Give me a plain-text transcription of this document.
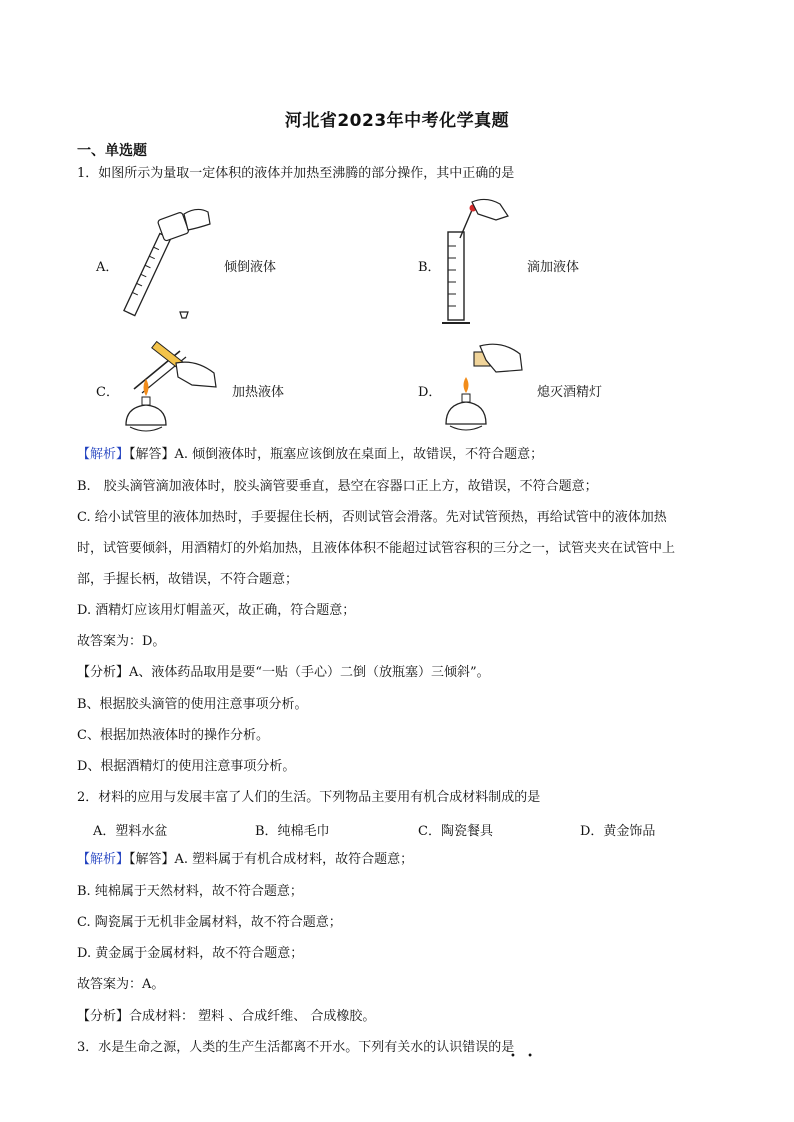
河北省2023年中考化学真题
一、单选题
1．如图所示为量取一定体积的液体并加热至沸腾的部分操作，其中正确的是
A．	倾倒液体	B．	滴加液体
C．	加热液体	D．	熄灭酒精灯
【解析】【解答】A. 倾倒液体时，瓶塞应该倒放在桌面上，故错误，不符合题意；
B.　胶头滴管滴加液体时，胶头滴管要垂直，悬空在容器口正上方，故错误，不符合题意；
C. 给小试管里的液体加热时，手要握住长柄，否则试管会滑落。先对试管预热，再给试管中的液体加热
时，试管要倾斜，用酒精灯的外焰加热，且液体体积不能超过试管容积的三分之一，试管夹夹在试管中上
部，手握长柄，故错误，不符合题意；
D. 酒精灯应该用灯帽盖灭，故正确，符合题意；
故答案为：D。
【分析】A、液体药品取用是要“一贴（手心）二倒（放瓶塞）三倾斜”。
B、根据胶头滴管的使用注意事项分析。
C、根据加热液体时的操作分析。
D、根据酒精灯的使用注意事项分析。
2．材料的应用与发展丰富了人们的生活。下列物品主要用有机合成材料制成的是
A．塑料水盆	B．纯棉毛巾	C．陶瓷餐具	D．黄金饰品
【解析】【解答】A. 塑料属于有机合成材料，故符合题意；
B. 纯棉属于天然材料，故不符合题意；
C. 陶瓷属于无机非金属材料，故不符合题意；
D. 黄金属于金属材料，故不符合题意；
故答案为：A。
【分析】合成材料： 塑料 、合成纤维、 合成橡胶。
3．水是生命之源，人类的生产生活都离不开水。下列有关水的认识错误的是
• •
